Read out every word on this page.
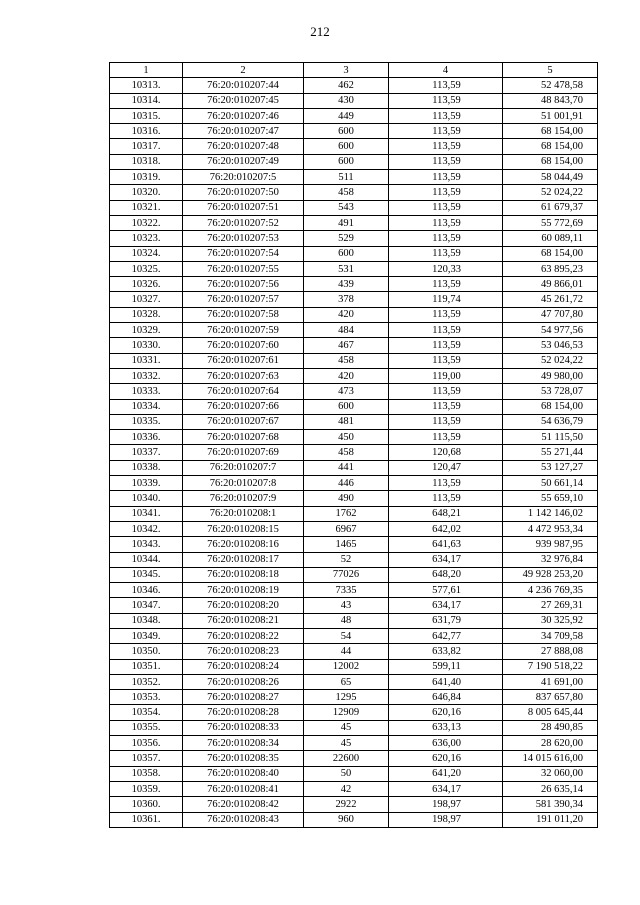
212
1	2	3	4	5
10313.	76:20:010207:44	462	113,59	52 478,58
10314.	76:20:010207:45	430	113,59	48 843,70
10315.	76:20:010207:46	449	113,59	51 001,91
10316.	76:20:010207:47	600	113,59	68 154,00
10317.	76:20:010207:48	600	113,59	68 154,00
10318.	76:20:010207:49	600	113,59	68 154,00
10319.	76:20:010207:5	511	113,59	58 044,49
10320.	76:20:010207:50	458	113,59	52 024,22
10321.	76:20:010207:51	543	113,59	61 679,37
10322.	76:20:010207:52	491	113,59	55 772,69
10323.	76:20:010207:53	529	113,59	60 089,11
10324.	76:20:010207:54	600	113,59	68 154,00
10325.	76:20:010207:55	531	120,33	63 895,23
10326.	76:20:010207:56	439	113,59	49 866,01
10327.	76:20:010207:57	378	119,74	45 261,72
10328.	76:20:010207:58	420	113,59	47 707,80
10329.	76:20:010207:59	484	113,59	54 977,56
10330.	76:20:010207:60	467	113,59	53 046,53
10331.	76:20:010207:61	458	113,59	52 024,22
10332.	76:20:010207:63	420	119,00	49 980,00
10333.	76:20:010207:64	473	113,59	53 728,07
10334.	76:20:010207:66	600	113,59	68 154,00
10335.	76:20:010207:67	481	113,59	54 636,79
10336.	76:20:010207:68	450	113,59	51 115,50
10337.	76:20:010207:69	458	120,68	55 271,44
10338.	76:20:010207:7	441	120,47	53 127,27
10339.	76:20:010207:8	446	113,59	50 661,14
10340.	76:20:010207:9	490	113,59	55 659,10
10341.	76:20:010208:1	1762	648,21	1 142 146,02
10342.	76:20:010208:15	6967	642,02	4 472 953,34
10343.	76:20:010208:16	1465	641,63	939 987,95
10344.	76:20:010208:17	52	634,17	32 976,84
10345.	76:20:010208:18	77026	648,20	49 928 253,20
10346.	76:20:010208:19	7335	577,61	4 236 769,35
10347.	76:20:010208:20	43	634,17	27 269,31
10348.	76:20:010208:21	48	631,79	30 325,92
10349.	76:20:010208:22	54	642,77	34 709,58
10350.	76:20:010208:23	44	633,82	27 888,08
10351.	76:20:010208:24	12002	599,11	7 190 518,22
10352.	76:20:010208:26	65	641,40	41 691,00
10353.	76:20:010208:27	1295	646,84	837 657,80
10354.	76:20:010208:28	12909	620,16	8 005 645,44
10355.	76:20:010208:33	45	633,13	28 490,85
10356.	76:20:010208:34	45	636,00	28 620,00
10357.	76:20:010208:35	22600	620,16	14 015 616,00
10358.	76:20:010208:40	50	641,20	32 060,00
10359.	76:20:010208:41	42	634,17	26 635,14
10360.	76:20:010208:42	2922	198,97	581 390,34
10361.	76:20:010208:43	960	198,97	191 011,20
